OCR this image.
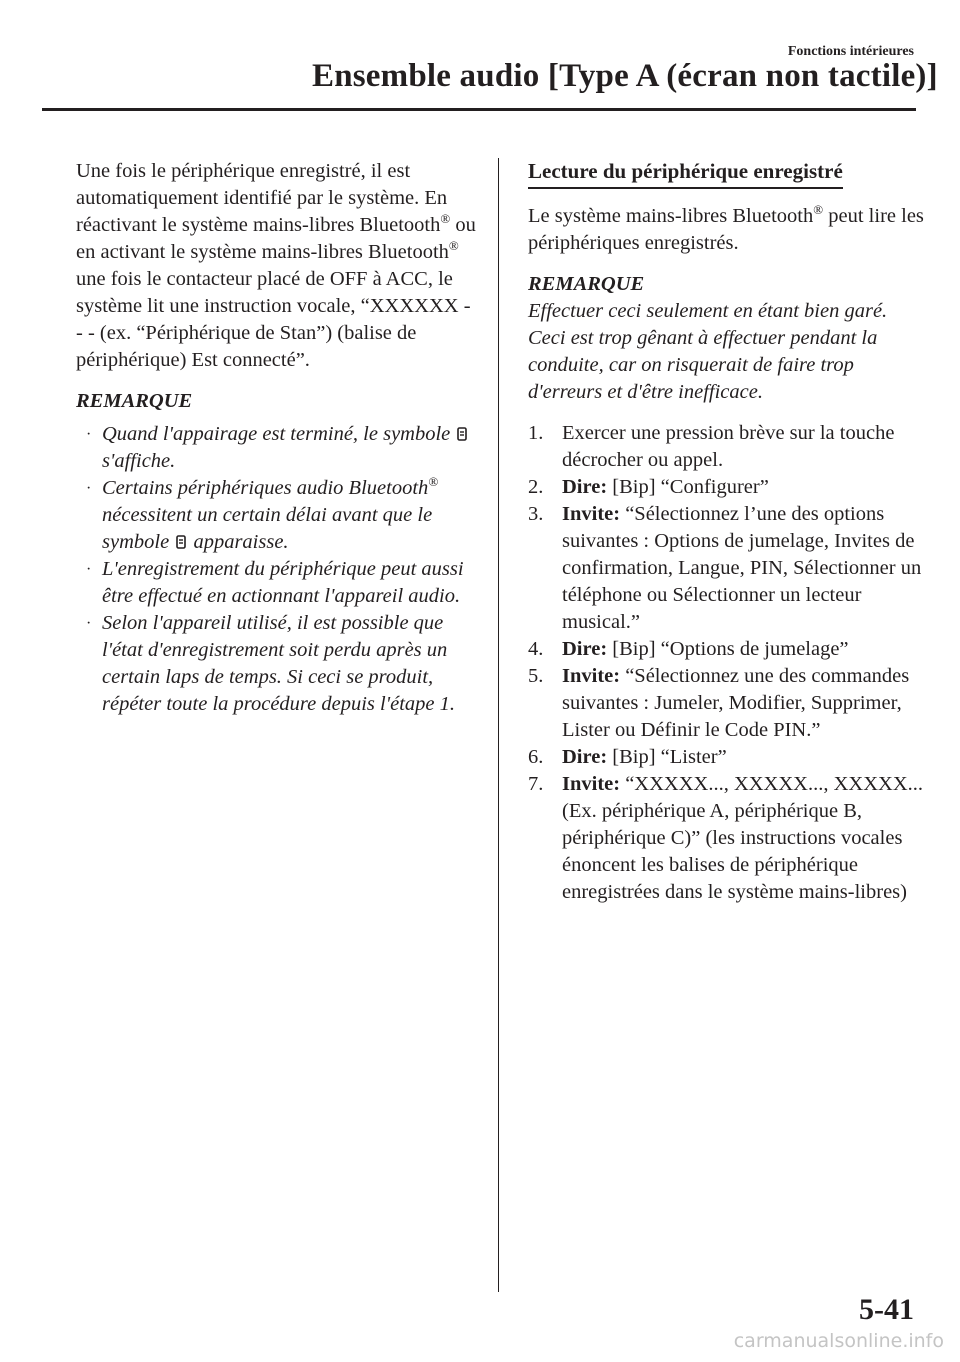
Fonctions intérieures
Ensemble audio [Type A (écran non tactile)]

Une fois le périphérique enregistré, il est automatiquement identifié par le système. En réactivant le système mains-libres Bluetooth® ou en activant le système mains-libres Bluetooth® une fois le contacteur placé de OFF à ACC, le système lit une instruction vocale, “XXXXXX - - - (ex. “Périphérique de Stan”) (balise de périphérique) Est connecté”.

REMARQUE
· Quand l'appairage est terminé, le symbole
s'affiche.
· Certains périphériques audio Bluetooth® nécessitent un certain délai avant que le symbole
apparaisse.
· L'enregistrement du périphérique peut aussi être effectué en actionnant l'appareil audio.
· Selon l'appareil utilisé, il est possible que l'état d'enregistrement soit perdu après un certain laps de temps. Si ceci se produit, répéter toute la procédure depuis l'étape 1.
Lecture du périphérique enregistré

Le système mains-libres Bluetooth® peut lire les périphériques enregistrés.

REMARQUE

Effectuer ceci seulement en étant bien garé. Ceci est trop gênant à effectuer pendant la conduite, car on risquerait de faire trop d'erreurs et d'être inefficace.

1. Exercer une pression brève sur la touche décrocher ou appel.
2. Dire: [Bip] “Configurer”
3. Invite: “Sélectionnez l’une des options suivantes : Options de jumelage, Invites de confirmation, Langue, PIN, Sélectionner un téléphone ou Sélectionner un lecteur musical.”
4. Dire: [Bip] “Options de jumelage”
5. Invite: “Sélectionnez une des commandes suivantes : Jumeler, Modifier, Supprimer, Lister ou Définir le Code PIN.”
6. Dire: [Bip] “Lister”
7. Invite: “XXXXX..., XXXXX..., XXXXX... (Ex. périphérique A, périphérique B, périphérique C)” (les instructions vocales énoncent les balises de périphérique enregistrées dans le système mains-libres)
5-41
carmanualsonline.info
